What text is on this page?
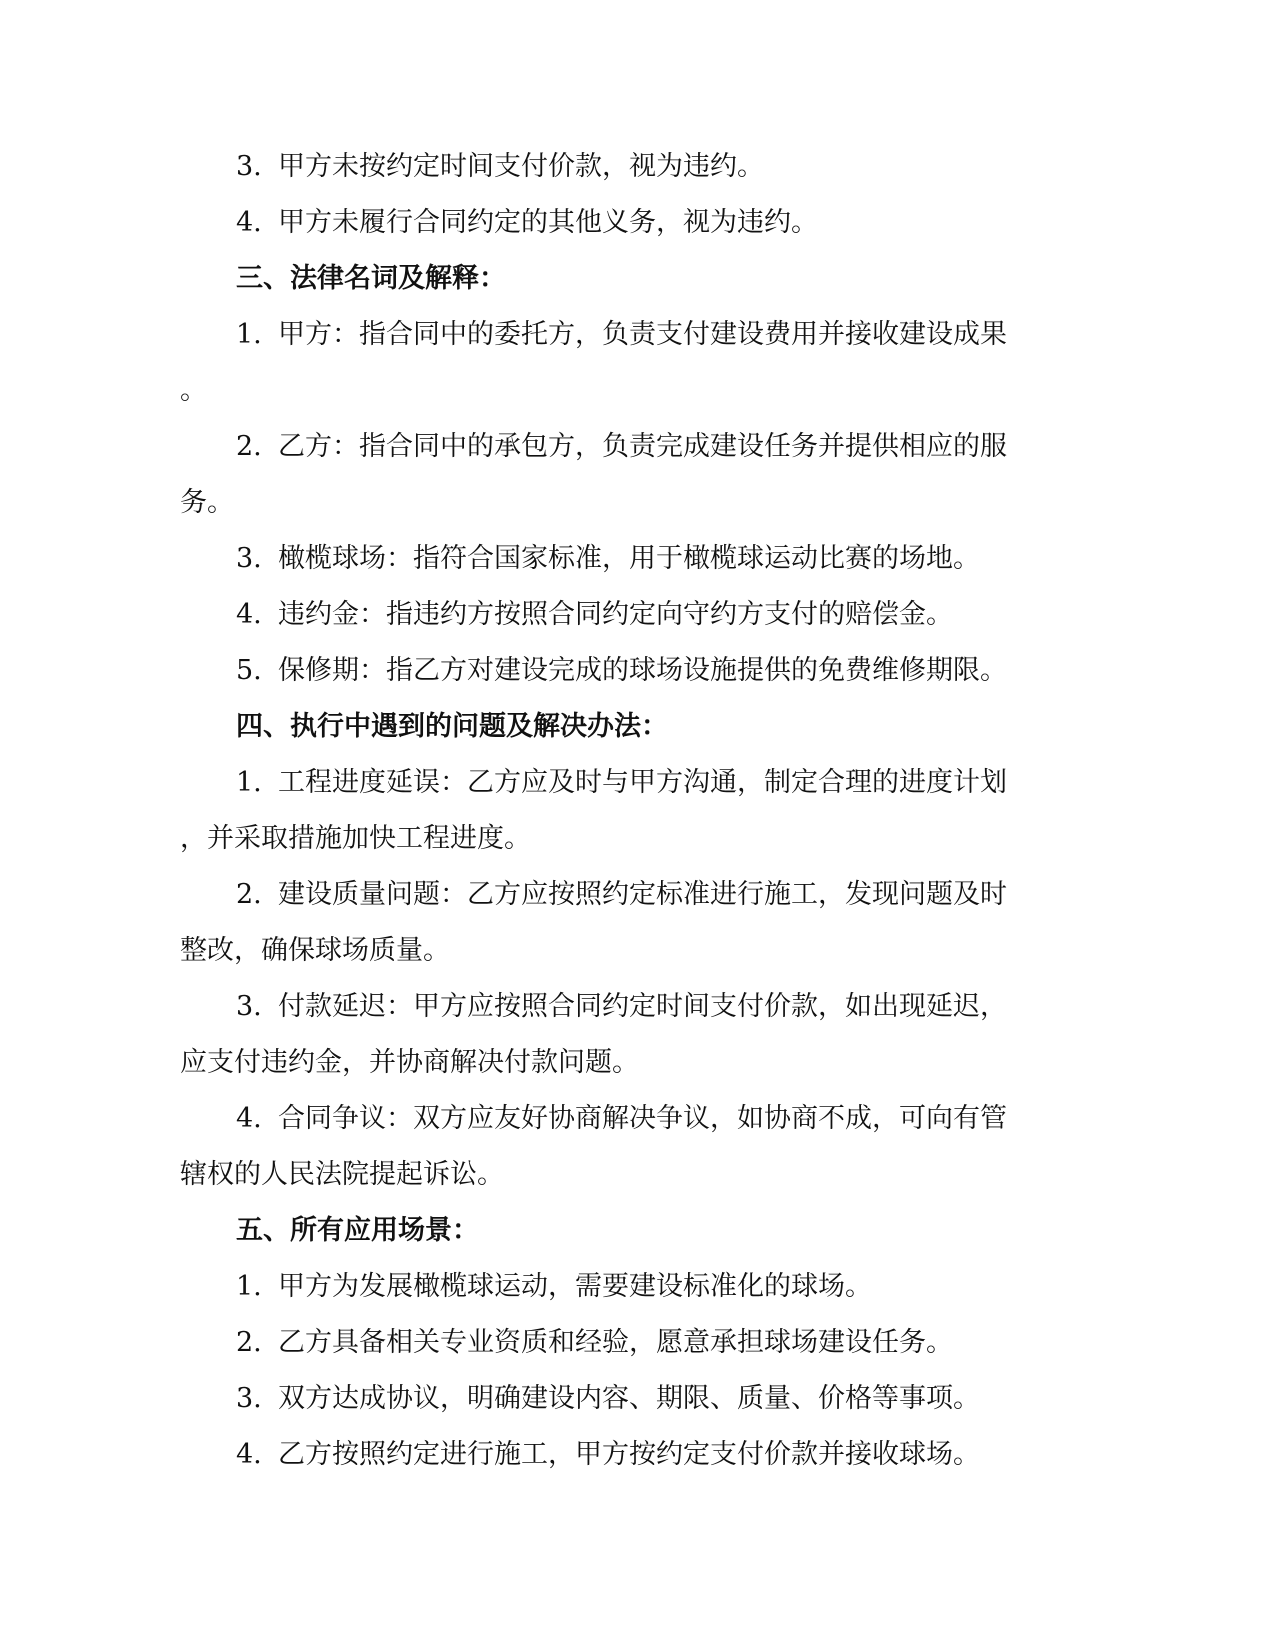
3. 甲方未按约定时间支付价款，视为违约。
4. 甲方未履行合同约定的其他义务，视为违约。
三、法律名词及解释：
1. 甲方：指合同中的委托方，负责支付建设费用并接收建设成果
。
2. 乙方：指合同中的承包方，负责完成建设任务并提供相应的服
务。
3. 橄榄球场：指符合国家标准，用于橄榄球运动比赛的场地。
4. 违约金：指违约方按照合同约定向守约方支付的赔偿金。
5. 保修期：指乙方对建设完成的球场设施提供的免费维修期限。
四、执行中遇到的问题及解决办法：
1. 工程进度延误：乙方应及时与甲方沟通，制定合理的进度计划
，并采取措施加快工程进度。
2. 建设质量问题：乙方应按照约定标准进行施工，发现问题及时
整改，确保球场质量。
3. 付款延迟：甲方应按照合同约定时间支付价款，如出现延迟，
应支付违约金，并协商解决付款问题。
4. 合同争议：双方应友好协商解决争议，如协商不成，可向有管
辖权的人民法院提起诉讼。
五、所有应用场景：
1. 甲方为发展橄榄球运动，需要建设标准化的球场。
2. 乙方具备相关专业资质和经验，愿意承担球场建设任务。
3. 双方达成协议，明确建设内容、期限、质量、价格等事项。
4. 乙方按照约定进行施工，甲方按约定支付价款并接收球场。
